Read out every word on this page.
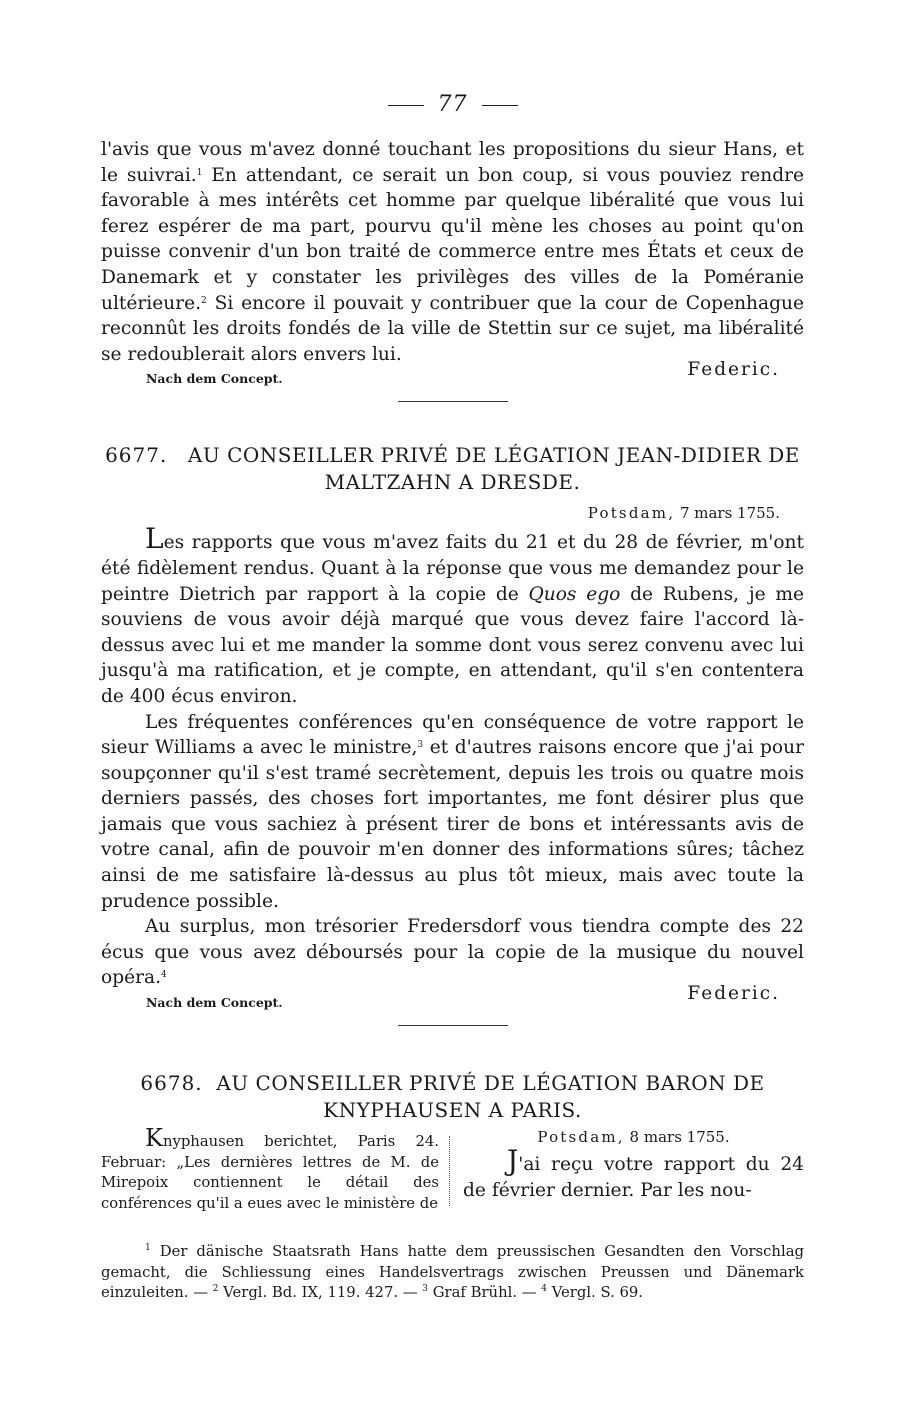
77

l'avis que vous m'avez donné touchant les propositions du sieur Hans, et le suivrai.$^1$ En attendant, ce serait un bon coup, si vous pouviez rendre favorable à mes intérêts cet homme par quelque libéralité que vous lui ferez espérer de ma part, pourvu qu'il mène les choses au point qu'on puisse convenir d'un bon traité de commerce entre mes États et ceux de Danemark et y constater les privilèges des villes de la Poméranie ultérieure.$^2$ Si encore il pouvait y contribuer que la cour de Copenhague reconnût les droits fondés de la ville de Stettin sur ce sujet, ma libéralité se redoublerait alors envers lui.

Nach dem Concept.	Federic.

6677. AU CONSEILLER PRIVÉ DE LÉGATION JEAN-DIDIER DE MALTZAHN A DRESDE.

Potsdam, 7 mars 1755.

Les rapports que vous m'avez faits du 21 et du 28 de février, m'ont été fidèlement rendus. Quant à la réponse que vous me demandez pour le peintre Dietrich par rapport à la copie de Quos ego de Rubens, je me souviens de vous avoir déjà marqué que vous devez faire l'accord là-dessus avec lui et me mander la somme dont vous serez convenu avec lui jusqu'à ma ratification, et je compte, en attendant, qu'il s'en contentera de 400 écus environ.

Les fréquentes conférences qu'en conséquence de votre rapport le sieur Williams a avec le ministre,$^3$ et d'autres raisons encore que j'ai pour soupçonner qu'il s'est tramé secrètement, depuis les trois ou quatre mois derniers passés, des choses fort importantes, me font désirer plus que jamais que vous sachiez à présent tirer de bons et intéressants avis de votre canal, afin de pouvoir m'en donner des informations sûres; tâchez ainsi de me satisfaire là-dessus au plus tôt mieux, mais avec toute la prudence possible.

Au surplus, mon trésorier Fredersdorf vous tiendra compte des 22 écus que vous avez déboursés pour la copie de la musique du nouvel opéra.$^4$

Nach dem Concept.	Federic.

6678. AU CONSEILLER PRIVÉ DE LÉGATION BARON DE KNYPHAUSEN A PARIS.

Knyphausen berichtet, Paris 24. Februar: „Les dernières lettres de M. de Mirepoix contiennent le détail des conférences qu'il a eues avec le ministère de

Potsdam, 8 mars 1755.

J'ai reçu votre rapport du 24 de février dernier. Par les nou-

$^1$ Der dänische Staatsrath Hans hatte dem preussischen Gesandten den Vorschlag gemacht, die Schliessung eines Handelsvertrags zwischen Preussen und Dänemark einzuleiten. — $^2$ Vergl. Bd. IX, 119. 427. — $^3$ Graf Brühl. — $^4$ Vergl. S. 69.
